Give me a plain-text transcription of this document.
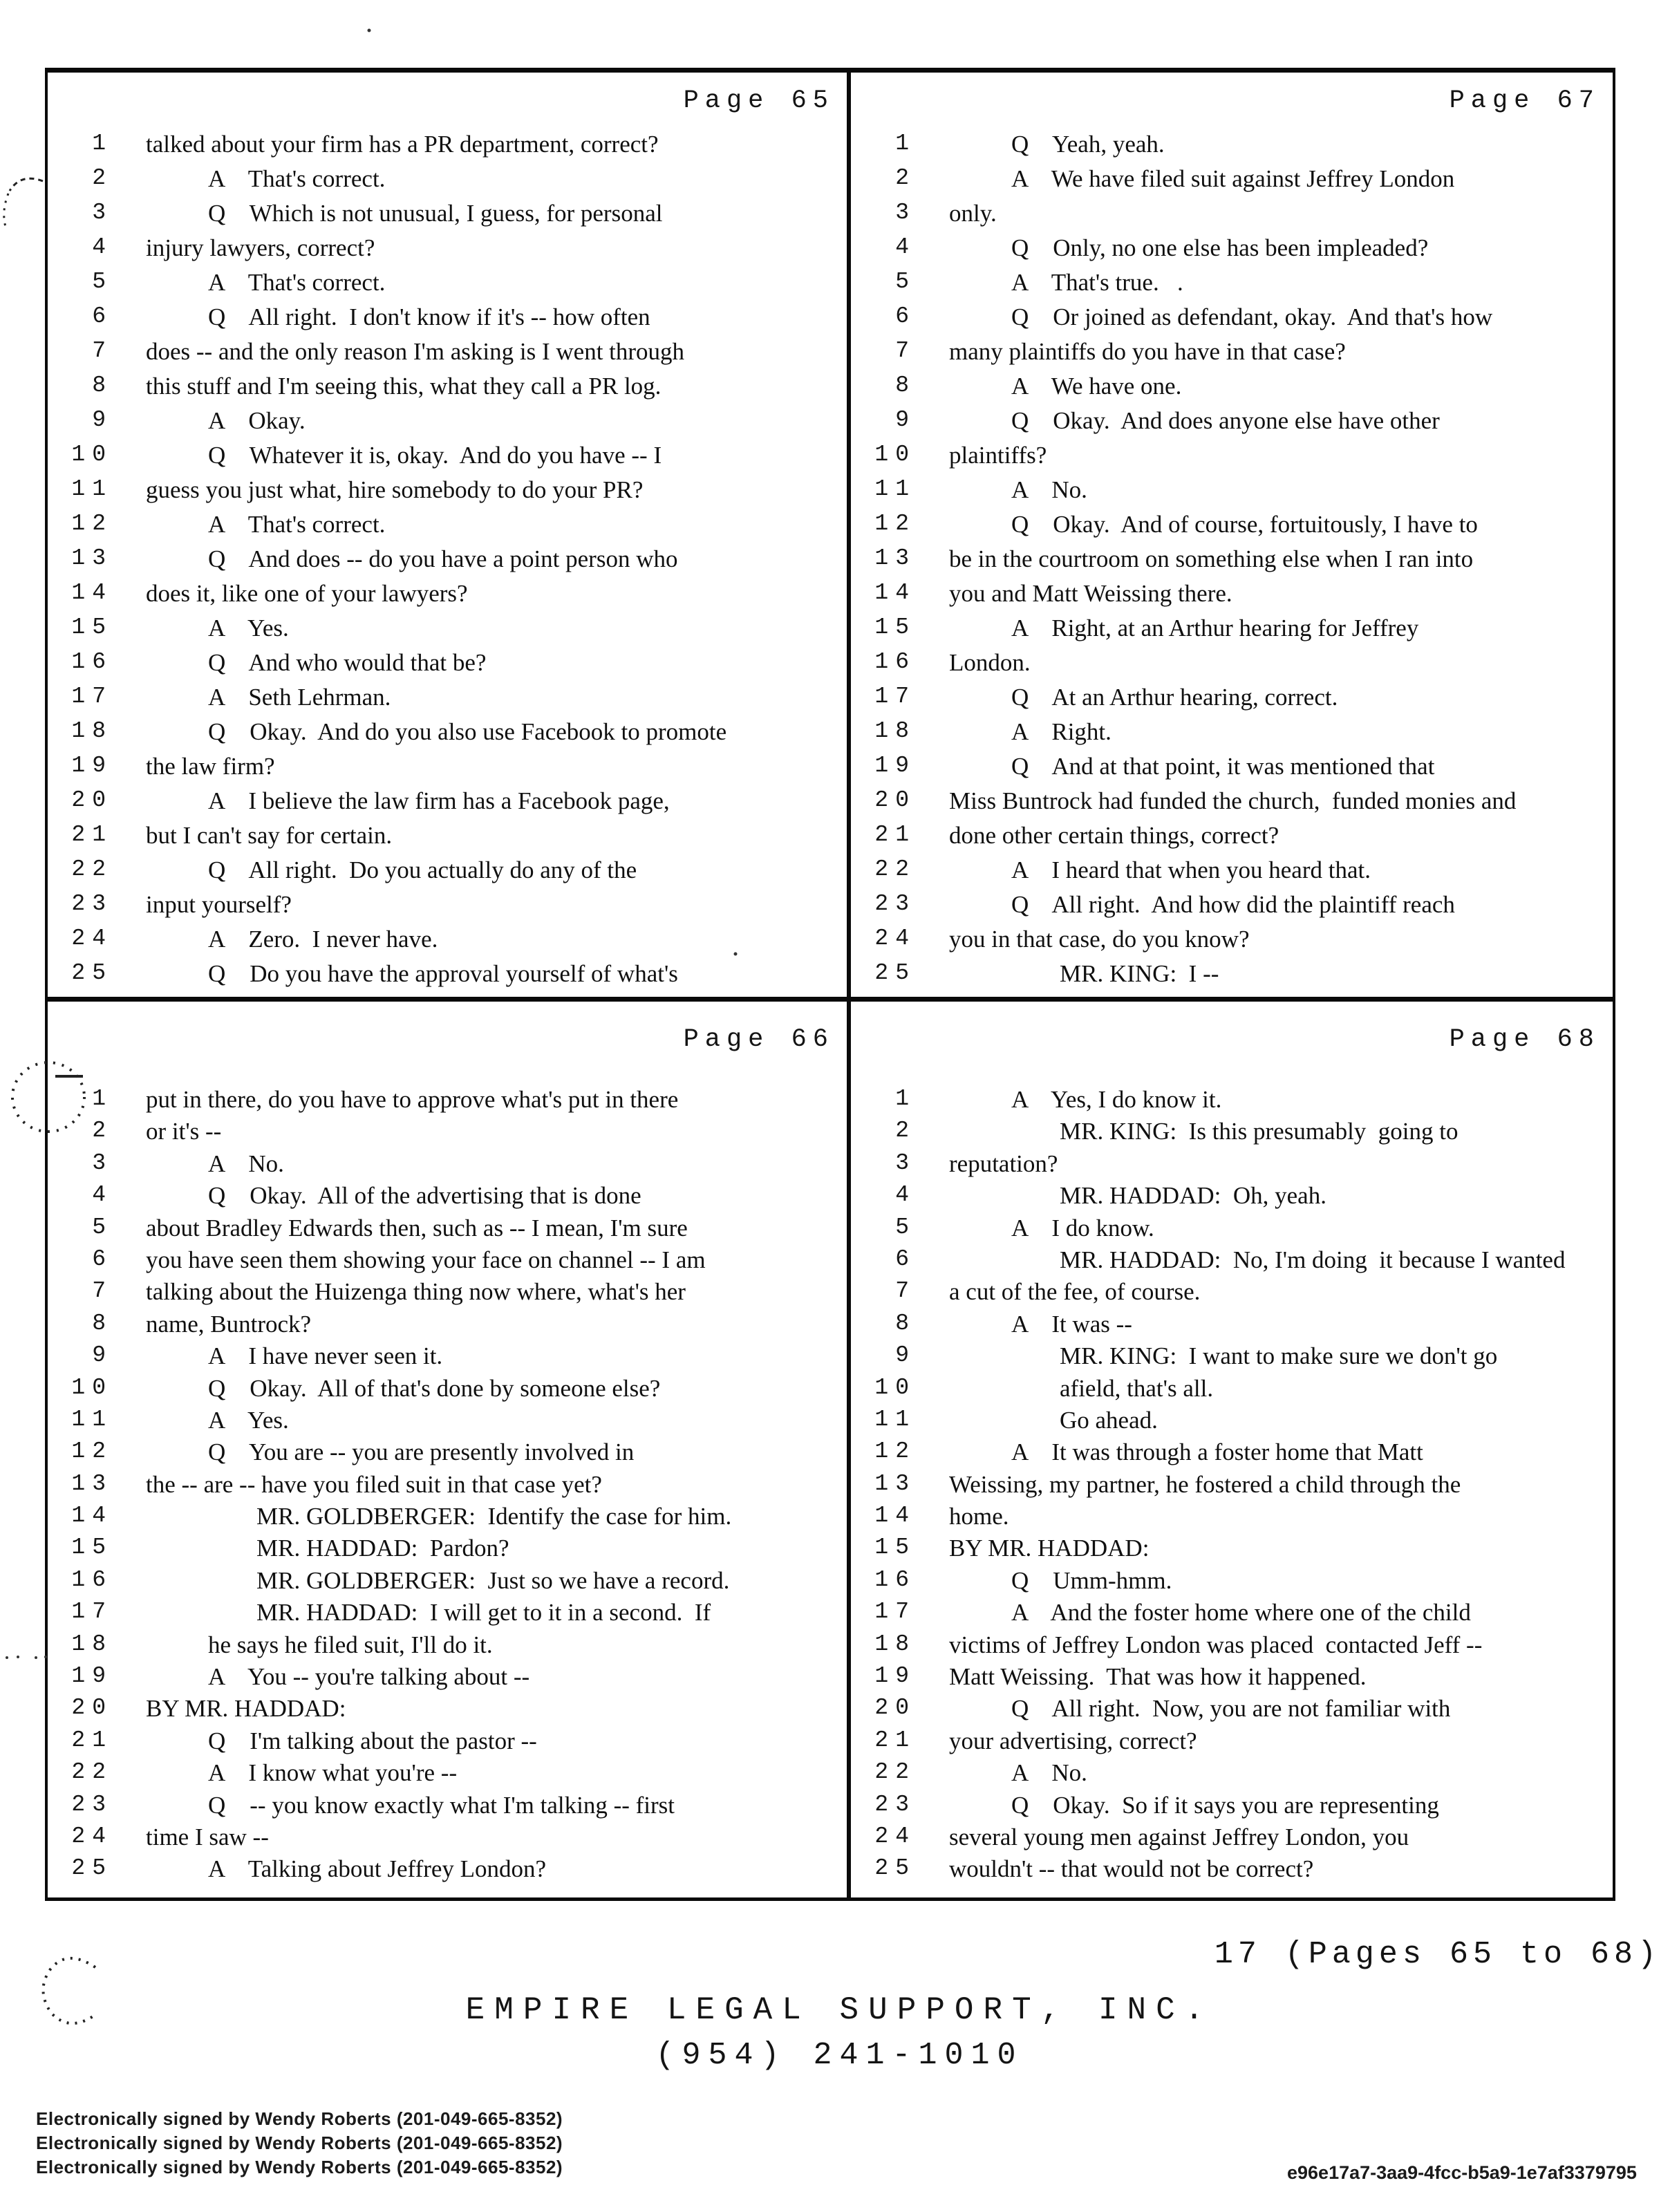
Page 65
1 talked about your firm has a PR department, correct?
2	A    That's correct.
3	Q    Which is not unusual, I guess, for personal
4 injury lawyers, correct?
5	A    That's correct.
6	Q    All right.  I don't know if it's -- how often
7 does -- and the only reason I'm asking is I went through
8 this stuff and I'm seeing this, what they call a PR log.
9	A    Okay.
10	Q    Whatever it is, okay.  And do you have -- I
11 guess you just what, hire somebody to do your PR?
12	A    That's correct.
13	Q    And does -- do you have a point person who
14 does it, like one of your lawyers?
15	A    Yes.
16	Q    And who would that be?
17	A    Seth Lehrman.
18	Q    Okay.  And do you also use Facebook to promote
19 the law firm?
20	A    I believe the law firm has a Facebook page,
21 but I can't say for certain.
22	Q    All right.  Do you actually do any of the
23 input yourself?
24	A    Zero.  I never have.
25	Q    Do you have the approval yourself of what's
Page 67
1	Q    Yeah, yeah.
2	A    We have filed suit against Jeffrey London
3 only.
4	Q    Only, no one else has been impleaded?
5	A    That's true.   .
6	Q    Or joined as defendant, okay.  And that's how
7 many plaintiffs do you have in that case?
8	A    We have one.
9	Q    Okay.  And does anyone else have other
10 plaintiffs?
11	A    No.
12	Q    Okay.  And of course, fortuitously, I have to
13 be in the courtroom on something else when I ran into
14 you and Matt Weissing there.
15	A    Right, at an Arthur hearing for Jeffrey
16 London.
17	Q    At an Arthur hearing, correct.
18	A    Right.
19	Q    And at that point, it was mentioned that
20 Miss Buntrock had funded the church,  funded monies and
21 done other certain things, correct?
22	A    I heard that when you heard that.
23	Q    All right.  And how did the plaintiff reach
24 you in that case, do you know?
25	MR. KING:  I --
Page 66
1 put in there, do you have to approve what's put in there
2 or it's --
3	A    No.
4	Q    Okay.  All of the advertising that is done
5 about Bradley Edwards then, such as -- I mean, I'm sure
6 you have seen them showing your face on channel -- I am
7 talking about the Huizenga thing now where, what's her
8 name, Buntrock?
9	A    I have never seen it.
10	Q    Okay.  All of that's done by someone else?
11	A    Yes.
12	Q    You are -- you are presently involved in
13 the -- are -- have you filed suit in that case yet?
14	MR. GOLDBERGER:  Identify the case for him.
15	MR. HADDAD:  Pardon?
16	MR. GOLDBERGER:  Just so we have a record.
17	MR. HADDAD:  I will get to it in a second.  If
18	he says he filed suit, I'll do it.
19	A    You -- you're talking about --
20 BY MR. HADDAD:
21	Q    I'm talking about the pastor --
22	A    I know what you're --
23	Q    -- you know exactly what I'm talking -- first
24 time I saw --
25	A    Talking about Jeffrey London?
Page 68
1	A    Yes, I do know it.
2	MR. KING:  Is this presumably  going to
3 reputation?
4	MR. HADDAD:  Oh, yeah.
5	A    I do know.
6	MR. HADDAD:  No, I'm doing  it because I wanted
7 a cut of the fee, of course.
8	A    It was --
9	MR. KING:  I want to make sure we don't go
10	afield, that's all.
11	Go ahead.
12	A    It was through a foster home that Matt
13 Weissing, my partner, he fostered a child through the
14 home.
15 BY MR. HADDAD:
16	Q    Umm-hmm.
17	A    And the foster home where one of the child
18 victims of Jeffrey London was placed  contacted Jeff --
19 Matt Weissing.  That was how it happened.
20	Q    All right.  Now, you are not familiar with
21 your advertising, correct?
22	A    No.
23	Q    Okay.  So if it says you are representing
24 several young men against Jeffrey London, you
25 wouldn't -- that would not be correct?
17 (Pages 65 to 68)
EMPIRE LEGAL SUPPORT, INC.
(954) 241-1010
Electronically signed by Wendy Roberts (201-049-665-8352)
Electronically signed by Wendy Roberts (201-049-665-8352)
Electronically signed by Wendy Roberts (201-049-665-8352)	e96e17a7-3aa9-4fcc-b5a9-1e7af3379795
